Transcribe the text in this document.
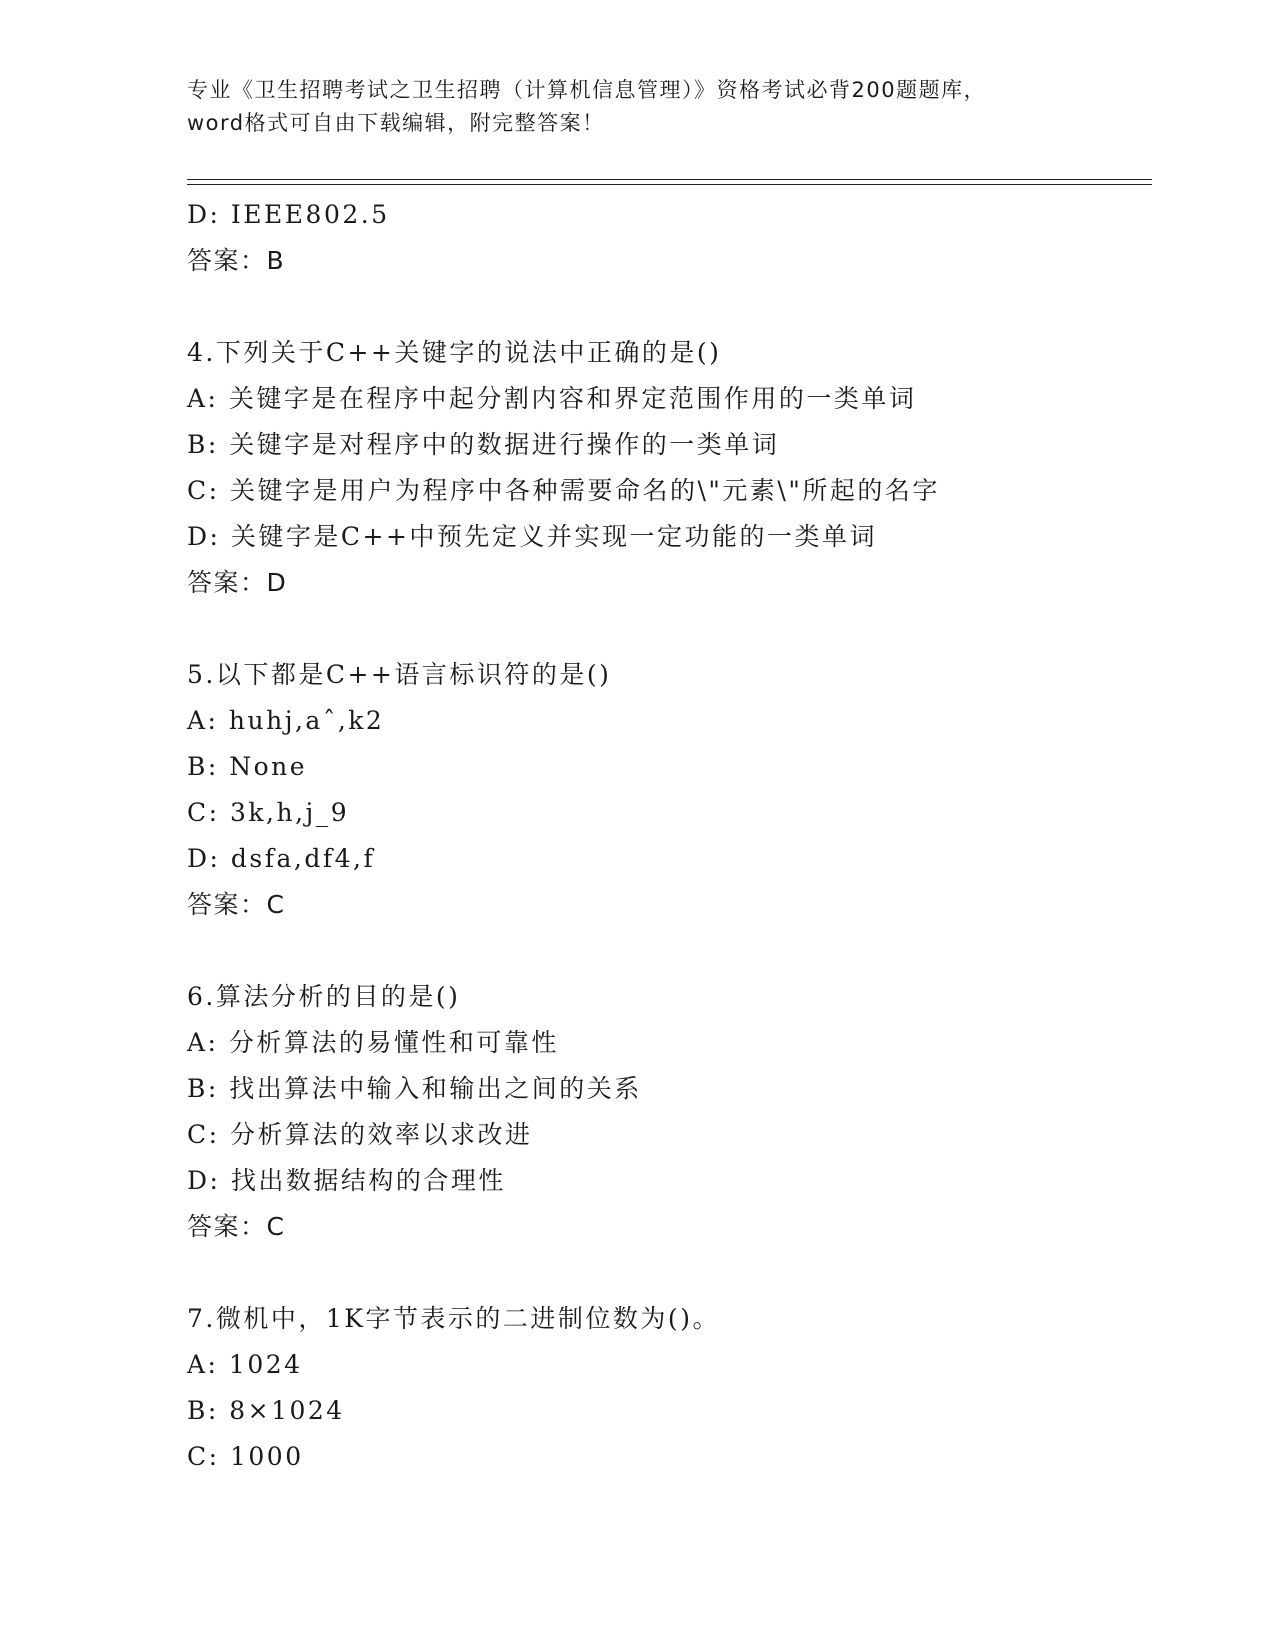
专业《卫生招聘考试之卫生招聘（计算机信息管理）》资格考试必背200题题库，
word格式可自由下载编辑，附完整答案！
D: IEEE802.5
答案：B
4.下列关于C++关键字的说法中正确的是()
A: 关键字是在程序中起分割内容和界定范围作用的一类单词
B: 关键字是对程序中的数据进行操作的一类单词
C: 关键字是用户为程序中各种需要命名的\"元素\"所起的名字
D: 关键字是C++中预先定义并实现一定功能的一类单词
答案：D
5.以下都是C++语言标识符的是()
A: huhj,aˆ,k2
B: None
C: 3k,h,j_9
D: dsfa,df4,f
答案：C
6.算法分析的目的是()
A: 分析算法的易懂性和可靠性
B: 找出算法中输入和输出之间的关系
C: 分析算法的效率以求改进
D: 找出数据结构的合理性
答案：C
7.微机中，1K字节表示的二进制位数为()。
A: 1024
B: 8×1024
C: 1000
